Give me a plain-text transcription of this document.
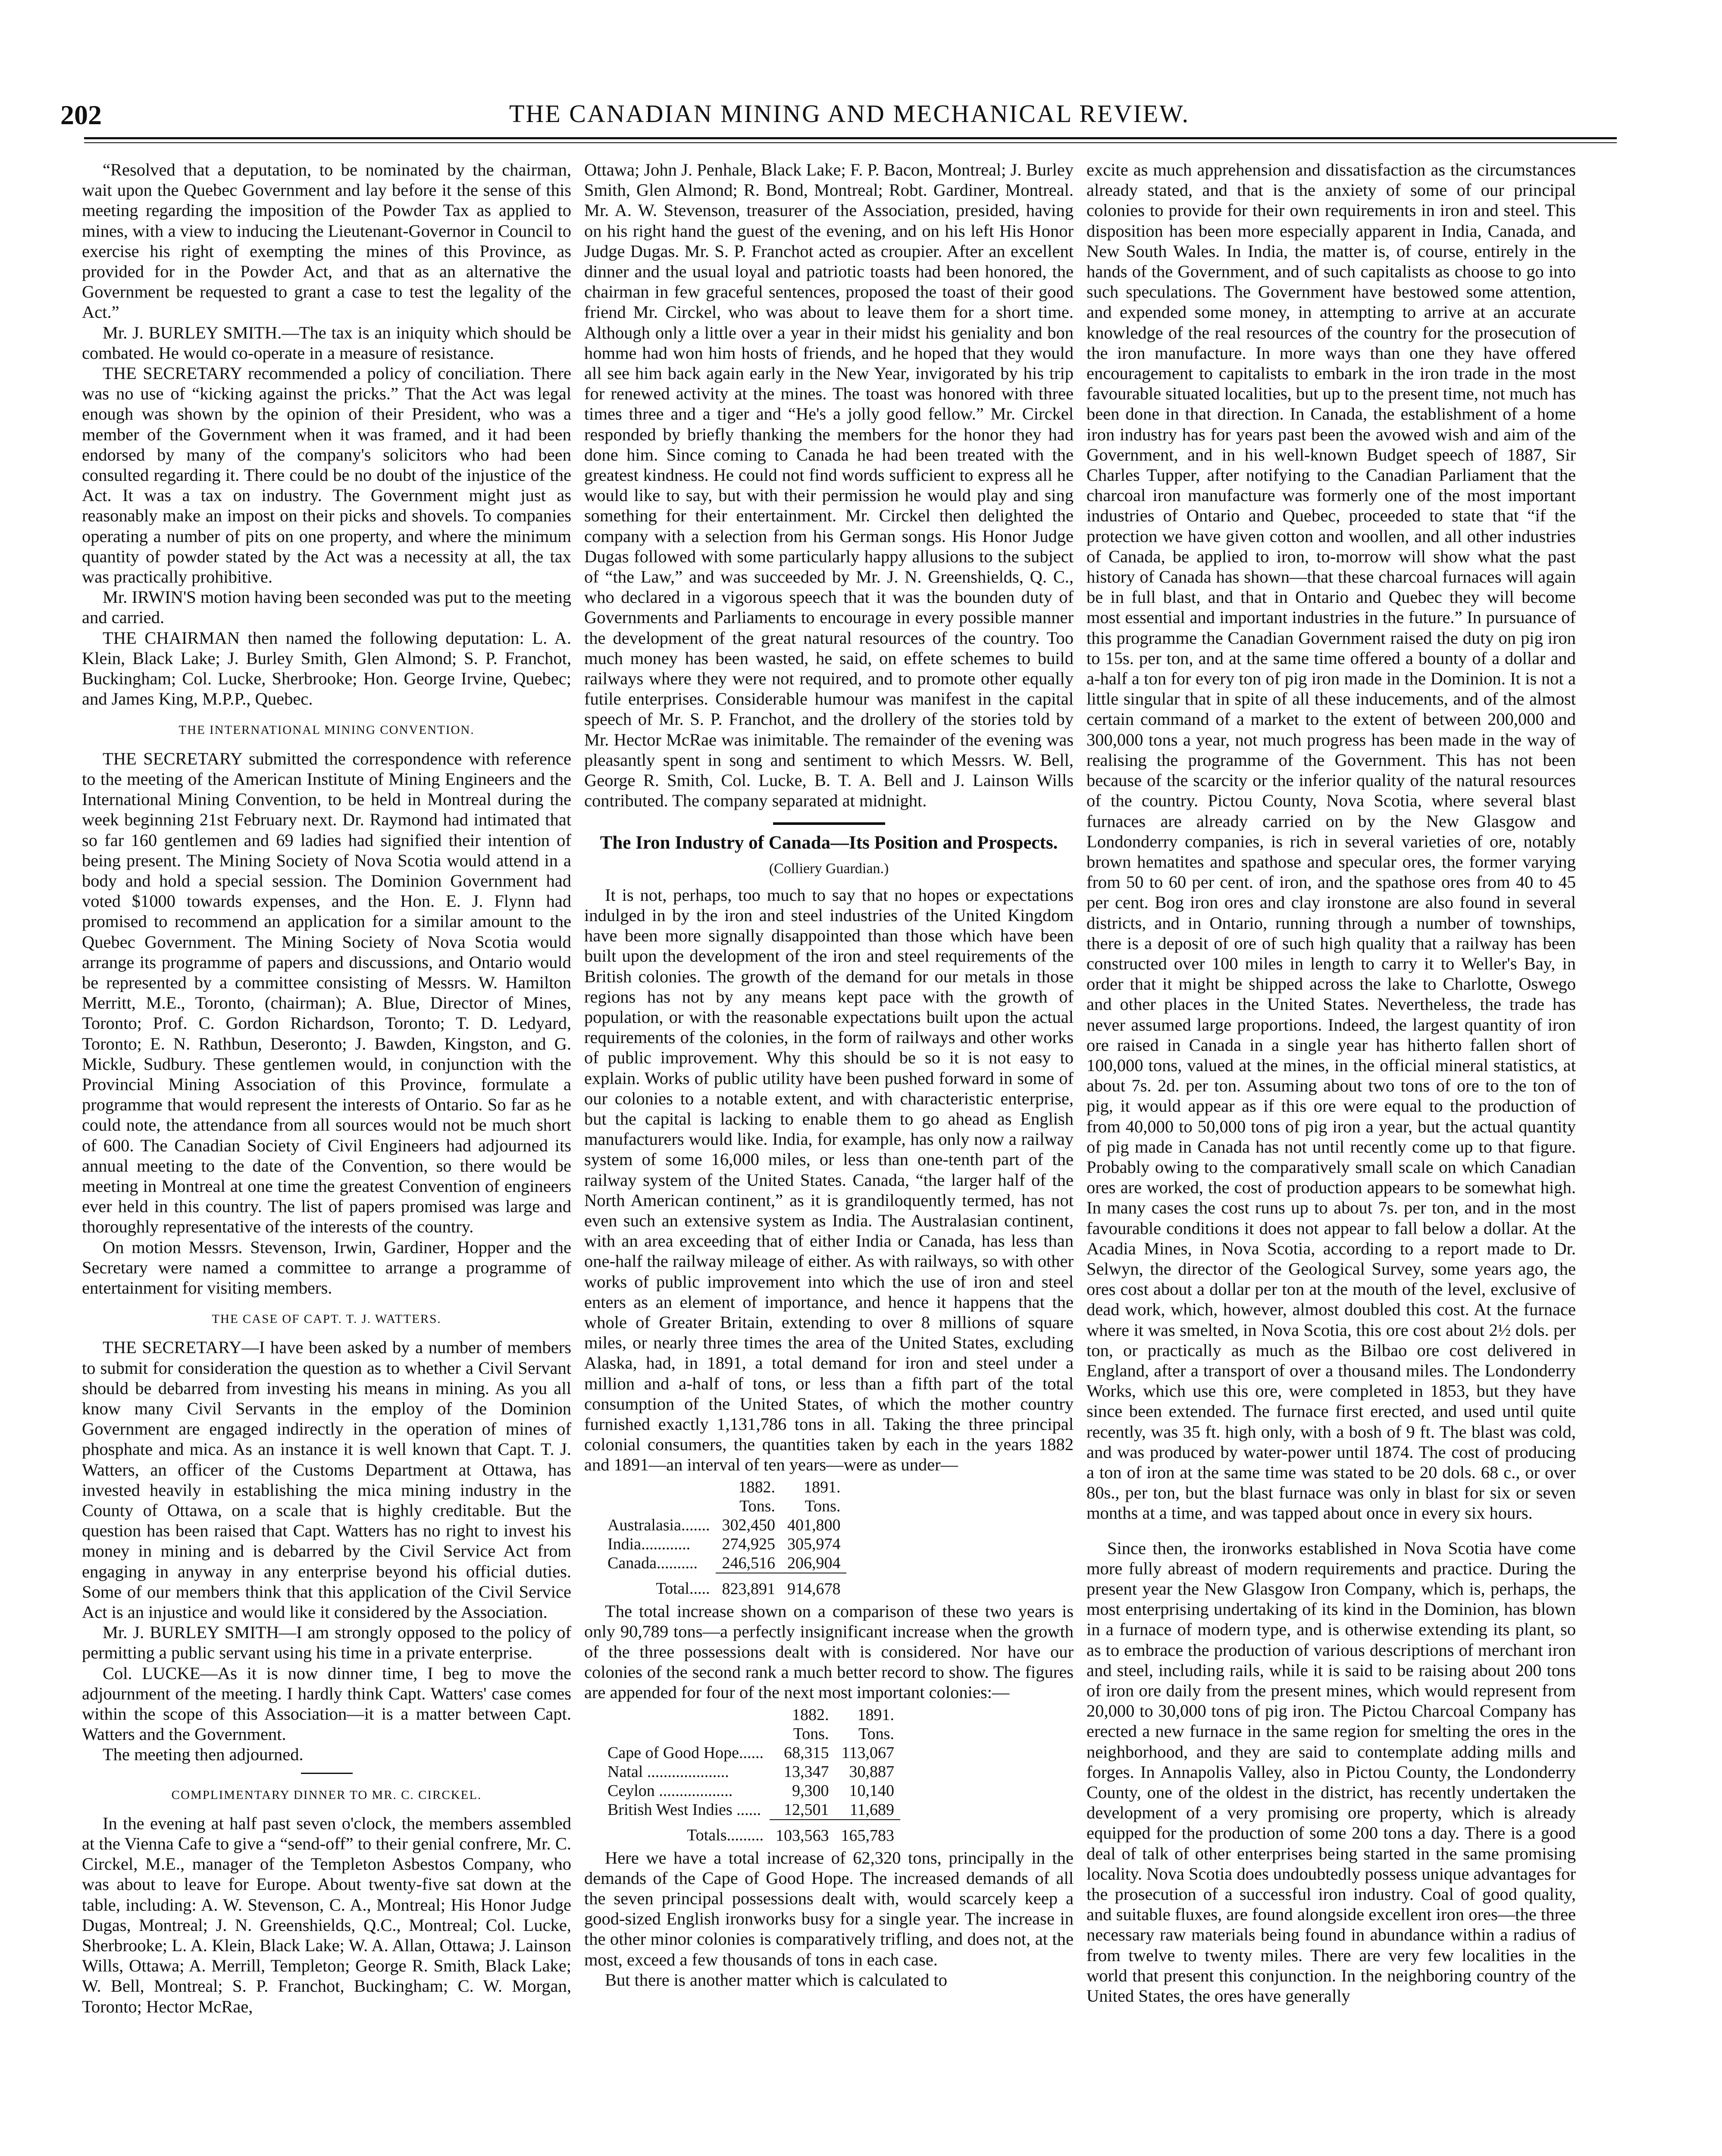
202	THE CANADIAN MINING AND MECHANICAL REVIEW.

“Resolved that a deputation, to be nominated by the chairman, wait upon the Quebec Government and lay before it the sense of this meeting regarding the imposition of the Powder Tax as applied to mines, with a view to inducing the Lieutenant-Governor in Council to exercise his right of exempting the mines of this Province, as provided for in the Powder Act, and that as an alternative the Government be requested to grant a case to test the legality of the Act.”

Mr. J. BURLEY SMITH.—The tax is an iniquity which should be combated. He would co-operate in a measure of resistance.

THE SECRETARY recommended a policy of conciliation. There was no use of “kicking against the pricks.” That the Act was legal enough was shown by the opinion of their President, who was a member of the Government when it was framed, and it had been endorsed by many of the company's solicitors who had been consulted regarding it. There could be no doubt of the injustice of the Act. It was a tax on industry. The Government might just as reasonably make an impost on their picks and shovels. To companies operating a number of pits on one property, and where the minimum quantity of powder stated by the Act was a necessity at all, the tax was practically prohibitive.

Mr. IRWIN'S motion having been seconded was put to the meeting and carried.

THE CHAIRMAN then named the following deputation: L. A. Klein, Black Lake; J. Burley Smith, Glen Almond; S. P. Franchot, Buckingham; Col. Lucke, Sherbrooke; Hon. George Irvine, Quebec; and James King, M.P.P., Quebec.

THE INTERNATIONAL MINING CONVENTION.

THE SECRETARY submitted the correspondence with reference to the meeting of the American Institute of Mining Engineers and the International Mining Convention, to be held in Montreal during the week beginning 21st February next. Dr. Raymond had intimated that so far 160 gentlemen and 69 ladies had signified their intention of being present. The Mining Society of Nova Scotia would attend in a body and hold a special session. The Dominion Government had voted $1000 towards expenses, and the Hon. E. J. Flynn had promised to recommend an application for a similar amount to the Quebec Government. The Mining Society of Nova Scotia would arrange its programme of papers and discussions, and Ontario would be represented by a committee consisting of Messrs. W. Hamilton Merritt, M.E., Toronto, (chairman); A. Blue, Director of Mines, Toronto; Prof. C. Gordon Richardson, Toronto; T. D. Ledyard, Toronto; E. N. Rathbun, Deseronto; J. Bawden, Kingston, and G. Mickle, Sudbury. These gentlemen would, in conjunction with the Provincial Mining Association of this Province, formulate a programme that would represent the interests of Ontario. So far as he could note, the attendance from all sources would not be much short of 600. The Canadian Society of Civil Engineers had adjourned its annual meeting to the date of the Convention, so there would be meeting in Montreal at one time the greatest Convention of engineers ever held in this country. The list of papers promised was large and thoroughly representative of the interests of the country.

On motion Messrs. Stevenson, Irwin, Gardiner, Hopper and the Secretary were named a committee to arrange a programme of entertainment for visiting members.

THE CASE OF CAPT. T. J. WATTERS.

THE SECRETARY—I have been asked by a number of members to submit for consideration the question as to whether a Civil Servant should be debarred from investing his means in mining. As you all know many Civil Servants in the employ of the Dominion Government are engaged indirectly in the operation of mines of phosphate and mica. As an instance it is well known that Capt. T. J. Watters, an officer of the Customs Department at Ottawa, has invested heavily in establishing the mica mining industry in the County of Ottawa, on a scale that is highly creditable. But the question has been raised that Capt. Watters has no right to invest his money in mining and is debarred by the Civil Service Act from engaging in anyway in any enterprise beyond his official duties. Some of our members think that this application of the Civil Service Act is an injustice and would like it considered by the Association.

Mr. J. BURLEY SMITH—I am strongly opposed to the policy of permitting a public servant using his time in a private enterprise.

Col. LUCKE—As it is now dinner time, I beg to move the adjournment of the meeting. I hardly think Capt. Watters' case comes within the scope of this Association—it is a matter between Capt. Watters and the Government.

The meeting then adjourned.

COMPLIMENTARY DINNER TO MR. C. CIRCKEL.

In the evening at half past seven o'clock, the members assembled at the Vienna Cafe to give a “send-off” to their genial confrere, Mr. C. Circkel, M.E., manager of the Templeton Asbestos Company, who was about to leave for Europe. About twenty-five sat down at the table, including: A. W. Stevenson, C. A., Montreal; His Honor Judge Dugas, Montreal; J. N. Greenshields, Q.C., Montreal; Col. Lucke, Sherbrooke; L. A. Klein, Black Lake; W. A. Allan, Ottawa; J. Lainson Wills, Ottawa; A. Merrill, Templeton; George R. Smith, Black Lake; W. Bell, Montreal; S. P. Franchot, Buckingham; C. W. Morgan, Toronto; Hector McRae,

Ottawa; John J. Penhale, Black Lake; F. P. Bacon, Montreal; J. Burley Smith, Glen Almond; R. Bond, Montreal; Robt. Gardiner, Montreal. Mr. A. W. Stevenson, treasurer of the Association, presided, having on his right hand the guest of the evening, and on his left His Honor Judge Dugas. Mr. S. P. Franchot acted as croupier. After an excellent dinner and the usual loyal and patriotic toasts had been honored, the chairman in few graceful sentences, proposed the toast of their good friend Mr. Circkel, who was about to leave them for a short time. Although only a little over a year in their midst his geniality and bon homme had won him hosts of friends, and he hoped that they would all see him back again early in the New Year, invigorated by his trip for renewed activity at the mines. The toast was honored with three times three and a tiger and “He's a jolly good fellow.” Mr. Circkel responded by briefly thanking the members for the honor they had done him. Since coming to Canada he had been treated with the greatest kindness. He could not find words sufficient to express all he would like to say, but with their permission he would play and sing something for their entertainment. Mr. Circkel then delighted the company with a selection from his German songs. His Honor Judge Dugas followed with some particularly happy allusions to the subject of “the Law,” and was succeeded by Mr. J. N. Greenshields, Q. C., who declared in a vigorous speech that it was the bounden duty of Governments and Parliaments to encourage in every possible manner the development of the great natural resources of the country. Too much money has been wasted, he said, on effete schemes to build railways where they were not required, and to promote other equally futile enterprises. Considerable humour was manifest in the capital speech of Mr. S. P. Franchot, and the drollery of the stories told by Mr. Hector McRae was inimitable. The remainder of the evening was pleasantly spent in song and sentiment to which Messrs. W. Bell, George R. Smith, Col. Lucke, B. T. A. Bell and J. Lainson Wills contributed. The company separated at midnight.

The Iron Industry of Canada—Its Position and Prospects.
(Colliery Guardian.)

It is not, perhaps, too much to say that no hopes or expectations indulged in by the iron and steel industries of the United Kingdom have been more signally disappointed than those which have been built upon the development of the iron and steel requirements of the British colonies. The growth of the demand for our metals in those regions has not by any means kept pace with the growth of population, or with the reasonable expectations built upon the actual requirements of the colonies, in the form of railways and other works of public improvement. Why this should be so it is not easy to explain. Works of public utility have been pushed forward in some of our colonies to a notable extent, and with characteristic enterprise, but the capital is lacking to enable them to go ahead as English manufacturers would like. India, for example, has only now a railway system of some 16,000 miles, or less than one-tenth part of the railway system of the United States. Canada, “the larger half of the North American continent,” as it is grandiloquently termed, has not even such an extensive system as India. The Australasian continent, with an area exceeding that of either India or Canada, has less than one-half the railway mileage of either. As with railways, so with other works of public improvement into which the use of iron and steel enters as an element of importance, and hence it happens that the whole of Greater Britain, extending to over 8 millions of square miles, or nearly three times the area of the United States, excluding Alaska, had, in 1891, a total demand for iron and steel under a million and a-half of tons, or less than a fifth part of the total consumption of the United States, of which the mother country furnished exactly 1,131,786 tons in all. Taking the three principal colonial consumers, the quantities taken by each in the years 1882 and 1891—an interval of ten years—were as under—

	1882.	1891.
	Tons.	Tons.
Australasia.......	302,450	401,800
India............	274,925	305,974
Canada..........	246,516	206,904
Total.....	823,891	914,678

The total increase shown on a comparison of these two years is only 90,789 tons—a perfectly insignificant increase when the growth of the three possessions dealt with is considered. Nor have our colonies of the second rank a much better record to show. The figures are appended for four of the next most important colonies:—

	1882.	1891.
	Tons.	Tons.
Cape of Good Hope......	68,315	113,067
Natal ....................	13,347	30,887
Ceylon ..................	9,300	10,140
British West Indies ......	12,501	11,689
Totals.........	103,563	165,783

Here we have a total increase of 62,320 tons, principally in the demands of the Cape of Good Hope. The increased demands of all the seven principal possessions dealt with, would scarcely keep a good-sized English ironworks busy for a single year. The increase in the other minor colonies is comparatively trifling, and does not, at the most, exceed a few thousands of tons in each case.

But there is another matter which is calculated to

excite as much apprehension and dissatisfaction as the circumstances already stated, and that is the anxiety of some of our principal colonies to provide for their own requirements in iron and steel. This disposition has been more especially apparent in India, Canada, and New South Wales. In India, the matter is, of course, entirely in the hands of the Government, and of such capitalists as choose to go into such speculations. The Government have bestowed some attention, and expended some money, in attempting to arrive at an accurate knowledge of the real resources of the country for the prosecution of the iron manufacture. In more ways than one they have offered encouragement to capitalists to embark in the iron trade in the most favourable situated localities, but up to the present time, not much has been done in that direction. In Canada, the establishment of a home iron industry has for years past been the avowed wish and aim of the Government, and in his well-known Budget speech of 1887, Sir Charles Tupper, after notifying to the Canadian Parliament that the charcoal iron manufacture was formerly one of the most important industries of Ontario and Quebec, proceeded to state that “if the protection we have given cotton and woollen, and all other industries of Canada, be applied to iron, to-morrow will show what the past history of Canada has shown—that these charcoal furnaces will again be in full blast, and that in Ontario and Quebec they will become most essential and important industries in the future.” In pursuance of this programme the Canadian Government raised the duty on pig iron to 15s. per ton, and at the same time offered a bounty of a dollar and a-half a ton for every ton of pig iron made in the Dominion. It is not a little singular that in spite of all these inducements, and of the almost certain command of a market to the extent of between 200,000 and 300,000 tons a year, not much progress has been made in the way of realising the programme of the Government. This has not been because of the scarcity or the inferior quality of the natural resources of the country. Pictou County, Nova Scotia, where several blast furnaces are already carried on by the New Glasgow and Londonderry companies, is rich in several varieties of ore, notably brown hematites and spathose and specular ores, the former varying from 50 to 60 per cent. of iron, and the spathose ores from 40 to 45 per cent. Bog iron ores and clay ironstone are also found in several districts, and in Ontario, running through a number of townships, there is a deposit of ore of such high quality that a railway has been constructed over 100 miles in length to carry it to Weller's Bay, in order that it might be shipped across the lake to Charlotte, Oswego and other places in the United States. Nevertheless, the trade has never assumed large proportions. Indeed, the largest quantity of iron ore raised in Canada in a single year has hitherto fallen short of 100,000 tons, valued at the mines, in the official mineral statistics, at about 7s. 2d. per ton. Assuming about two tons of ore to the ton of pig, it would appear as if this ore were equal to the production of from 40,000 to 50,000 tons of pig iron a year, but the actual quantity of pig made in Canada has not until recently come up to that figure. Probably owing to the comparatively small scale on which Canadian ores are worked, the cost of production appears to be somewhat high. In many cases the cost runs up to about 7s. per ton, and in the most favourable conditions it does not appear to fall below a dollar. At the Acadia Mines, in Nova Scotia, according to a report made to Dr. Selwyn, the director of the Geological Survey, some years ago, the ores cost about a dollar per ton at the mouth of the level, exclusive of dead work, which, however, almost doubled this cost. At the furnace where it was smelted, in Nova Scotia, this ore cost about 2½ dols. per ton, or practically as much as the Bilbao ore cost delivered in England, after a transport of over a thousand miles. The Londonderry Works, which use this ore, were completed in 1853, but they have since been extended. The furnace first erected, and used until quite recently, was 35 ft. high only, with a bosh of 9 ft. The blast was cold, and was produced by water-power until 1874. The cost of producing a ton of iron at the same time was stated to be 20 dols. 68 c., or over 80s., per ton, but the blast furnace was only in blast for six or seven months at a time, and was tapped about once in every six hours.

Since then, the ironworks established in Nova Scotia have come more fully abreast of modern requirements and practice. During the present year the New Glasgow Iron Company, which is, perhaps, the most enterprising undertaking of its kind in the Dominion, has blown in a furnace of modern type, and is otherwise extending its plant, so as to embrace the production of various descriptions of merchant iron and steel, including rails, while it is said to be raising about 200 tons of iron ore daily from the present mines, which would represent from 20,000 to 30,000 tons of pig iron. The Pictou Charcoal Company has erected a new furnace in the same region for smelting the ores in the neighborhood, and they are said to contemplate adding mills and forges. In Annapolis Valley, also in Pictou County, the Londonderry County, one of the oldest in the district, has recently undertaken the development of a very promising ore property, which is already equipped for the production of some 200 tons a day. There is a good deal of talk of other enterprises being started in the same promising locality. Nova Scotia does undoubtedly possess unique advantages for the prosecution of a successful iron industry. Coal of good quality, and suitable fluxes, are found alongside excellent iron ores—the three necessary raw materials being found in abundance within a radius of from twelve to twenty miles. There are very few localities in the world that present this conjunction. In the neighboring country of the United States, the ores have generally
